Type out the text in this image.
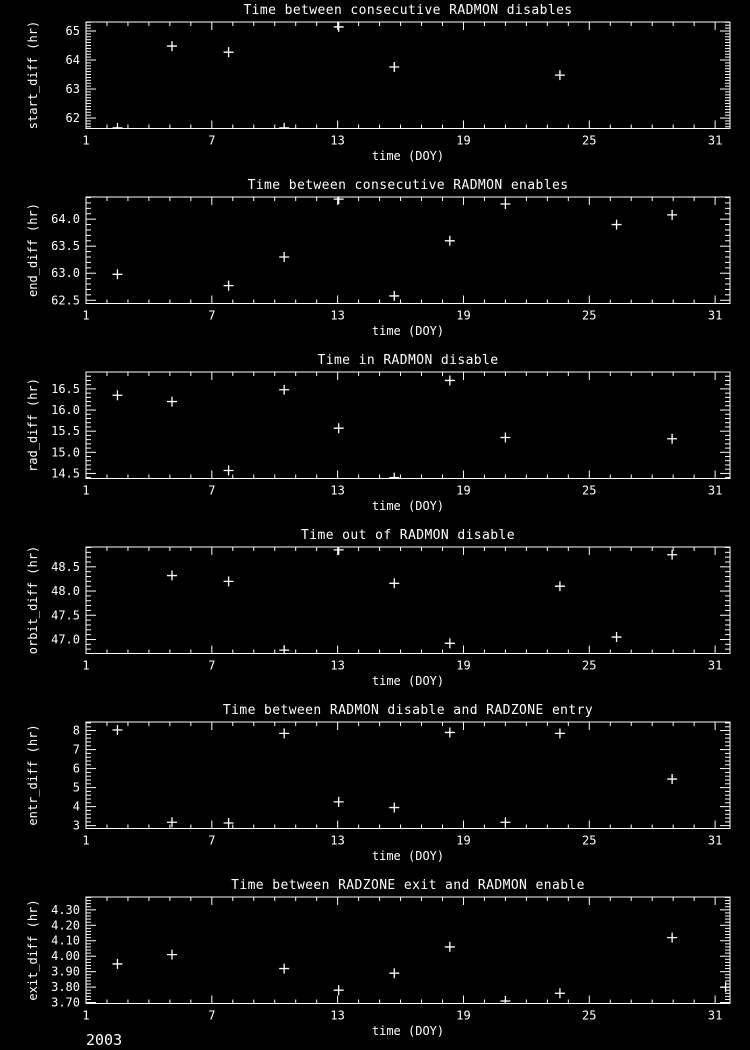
Time between consecutive RADMON disables
start_diff (hr)
1	7	13	19	25	31
62
63
64
65
time (DOY)
Time between consecutive RADMON enables
end_diff (hr)
1	7	13	19	25	31
62.5
63.0
63.5
64.0
time (DOY)
Time in RADMON disable
rad_diff (hr)
1	7	13	19	25	31
14.5
15.0
15.5
16.0
16.5
time (DOY)
Time out of RADMON disable
orbit_diff (hr)
1	7	13	19	25	31
47.0
47.5
48.0
48.5
time (DOY)
Time between RADMON disable and RADZONE entry
entr_diff (hr)
1	7	13	19	25	31
3
4
5
6
7
8
time (DOY)
Time between RADZONE exit and RADMON enable
exit_diff (hr)
1	7	13	19	25	31
3.70
3.80
3.90
4.00
4.10
4.20
4.30
time (DOY)
2003
